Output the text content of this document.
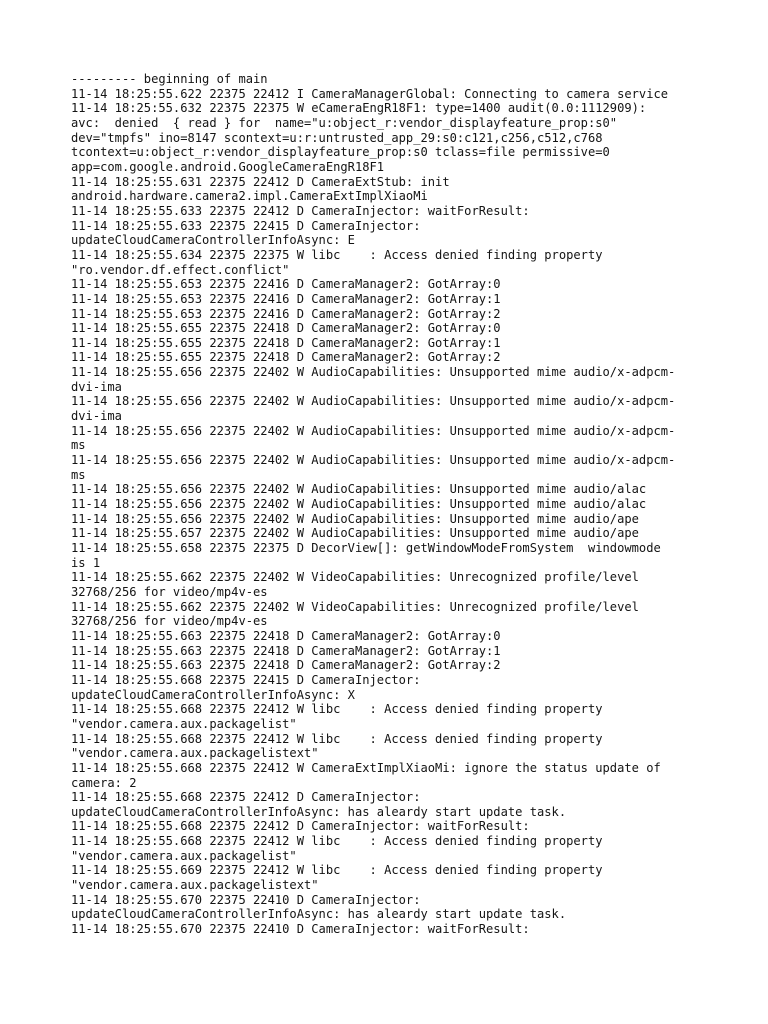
--------- beginning of main
11-14 18:25:55.622 22375 22412 I CameraManagerGlobal: Connecting to camera service
11-14 18:25:55.632 22375 22375 W eCameraEngR18F1: type=1400 audit(0.0:1112909):
avc:  denied  { read } for  name="u:object_r:vendor_displayfeature_prop:s0"
dev="tmpfs" ino=8147 scontext=u:r:untrusted_app_29:s0:c121,c256,c512,c768
tcontext=u:object_r:vendor_displayfeature_prop:s0 tclass=file permissive=0
app=com.google.android.GoogleCameraEngR18F1
11-14 18:25:55.631 22375 22412 D CameraExtStub: init
android.hardware.camera2.impl.CameraExtImplXiaoMi
11-14 18:25:55.633 22375 22412 D CameraInjector: waitForResult:
11-14 18:25:55.633 22375 22415 D CameraInjector:
updateCloudCameraControllerInfoAsync: E
11-14 18:25:55.634 22375 22375 W libc    : Access denied finding property
"ro.vendor.df.effect.conflict"
11-14 18:25:55.653 22375 22416 D CameraManager2: GotArray:0
11-14 18:25:55.653 22375 22416 D CameraManager2: GotArray:1
11-14 18:25:55.653 22375 22416 D CameraManager2: GotArray:2
11-14 18:25:55.655 22375 22418 D CameraManager2: GotArray:0
11-14 18:25:55.655 22375 22418 D CameraManager2: GotArray:1
11-14 18:25:55.655 22375 22418 D CameraManager2: GotArray:2
11-14 18:25:55.656 22375 22402 W AudioCapabilities: Unsupported mime audio/x-adpcm-
dvi-ima
11-14 18:25:55.656 22375 22402 W AudioCapabilities: Unsupported mime audio/x-adpcm-
dvi-ima
11-14 18:25:55.656 22375 22402 W AudioCapabilities: Unsupported mime audio/x-adpcm-
ms
11-14 18:25:55.656 22375 22402 W AudioCapabilities: Unsupported mime audio/x-adpcm-
ms
11-14 18:25:55.656 22375 22402 W AudioCapabilities: Unsupported mime audio/alac
11-14 18:25:55.656 22375 22402 W AudioCapabilities: Unsupported mime audio/alac
11-14 18:25:55.656 22375 22402 W AudioCapabilities: Unsupported mime audio/ape
11-14 18:25:55.657 22375 22402 W AudioCapabilities: Unsupported mime audio/ape
11-14 18:25:55.658 22375 22375 D DecorView[]: getWindowModeFromSystem  windowmode
is 1
11-14 18:25:55.662 22375 22402 W VideoCapabilities: Unrecognized profile/level
32768/256 for video/mp4v-es
11-14 18:25:55.662 22375 22402 W VideoCapabilities: Unrecognized profile/level
32768/256 for video/mp4v-es
11-14 18:25:55.663 22375 22418 D CameraManager2: GotArray:0
11-14 18:25:55.663 22375 22418 D CameraManager2: GotArray:1
11-14 18:25:55.663 22375 22418 D CameraManager2: GotArray:2
11-14 18:25:55.668 22375 22415 D CameraInjector:
updateCloudCameraControllerInfoAsync: X
11-14 18:25:55.668 22375 22412 W libc    : Access denied finding property
"vendor.camera.aux.packagelist"
11-14 18:25:55.668 22375 22412 W libc    : Access denied finding property
"vendor.camera.aux.packagelistext"
11-14 18:25:55.668 22375 22412 W CameraExtImplXiaoMi: ignore the status update of
camera: 2
11-14 18:25:55.668 22375 22412 D CameraInjector:
updateCloudCameraControllerInfoAsync: has aleardy start update task.
11-14 18:25:55.668 22375 22412 D CameraInjector: waitForResult:
11-14 18:25:55.668 22375 22412 W libc    : Access denied finding property
"vendor.camera.aux.packagelist"
11-14 18:25:55.669 22375 22412 W libc    : Access denied finding property
"vendor.camera.aux.packagelistext"
11-14 18:25:55.670 22375 22410 D CameraInjector:
updateCloudCameraControllerInfoAsync: has aleardy start update task.
11-14 18:25:55.670 22375 22410 D CameraInjector: waitForResult:
